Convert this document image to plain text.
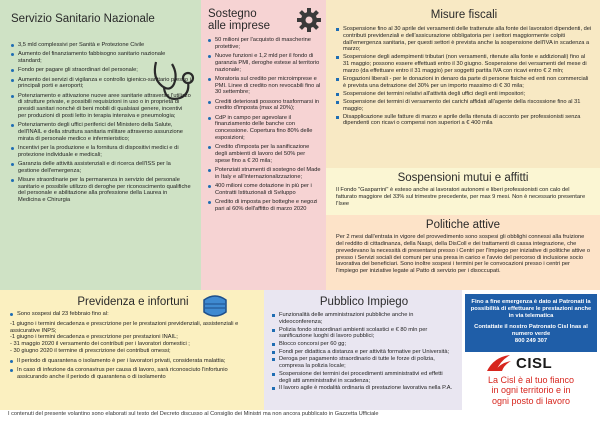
Servizio Sanitario Nazionale
3,5 mld complessivi per Sanità e Protezione Civile
Aumento del finanziamento fabbisogno sanitario nazionale standard;
Fondo per pagare gli straordinari del personale;
Aumento dei servizi di vigilanza e controllo igienico-sanitario presso i principali porti e aeroporti;
Potenziamento e attivazione nuove aree sanitarie attraverso l'utilizzo di strutture private, e possibili requisizioni in uso o in proprietà di presidi sanitari nonché di beni mobili di qualsiasi genere, incentivi per produzioni di posti letto in terapia intensiva e pneumologia;
Potenziamento degli uffici periferici del Ministero della Salute, dell'INAIL e della struttura sanitaria militare attraverso assunzione mirata di personale medico e infermieristico;
Incentivi per la produzione e la fornitura di dispositivi medici e di protezione individuale e medicali;
Garanzia delle attività assistenziali e di ricerca dell'ISS per la gestione dell'emergenza;
Misure straordinarie per la permanenza in servizio del personale sanitario e possibile utilizzo di deroghe per riconoscimento qualifiche del personale e abilitazione alla professione della Laurea in Medicina e Chirurgia
Sostegno
alle imprese
50 milioni per l'acquisto di mascherine protettive;
Nuove funzioni e 1,2 mld per il fondo di garanzia PMI, deroghe estese al territorio nazionale;
Moratoria sul credito per microimprese e PMI. Linee di credito non revocabili fino al 30 settembre;
Crediti deteriorati possono trasformarsi in credito d'imposta (max al 20%);
CdP in campo per agevolare il finanziamento delle banche con concessione. Copertura fino 80% delle esposizioni;
Credito d'imposta per la sanificazione degli ambienti di lavoro del 50% per spese fino a € 20 mila;
Potenziati strumenti di sostegno del Made in Italy e all'internazionalizzazione;
400 milioni come dotazione in più per i Contratti Istituzionali di Sviluppo
Credito di imposta per botteghe e negozi pari al 60% dell'affitto di marzo 2020
Misure fiscali
Sospensione fino al 30 aprile dei versamenti delle trattenute alla fonte dei lavoratori dipendenti, dei contributi previdenziali e dell'assicurazione obbligatoria per i settori maggiormente colpiti dall'emergenza sanitaria, per questi settori è prevista anche la sospensione dell'IVA in scadenza a marzo;
Sospensione degli adempimenti tributari (non versamenti, ritenute alla fonte e addizionali) fino al 31 maggio; possono essere effettuati entro il 30 giugno. Sospensione dei versamenti del mese di marzo (da effettuare entro il 31 maggio) per soggetti partita IVA con ricavi entro € 2 mln;
Erogazioni liberali - per le donazioni in denaro da parte di persone fisiche ed enti non commerciali è prevista una detrazione del 30% per un importo massimo di € 30 mila;
Sospensione dei termini relativi all'attività degli uffici degli enti impositori;
Sospensione dei termini di versamento dei carichi affidati all'agente della riscossione fino al 31 maggio;
Disapplicazione sulle fatture di marzo e aprile della ritenuta di acconto per professionisti senza dipendenti con ricavi o compensi non superiori a € 400 mila
Sospensioni mutui e affitti
Il Fondo "Gasparrini" è esteso anche ai lavoratori autonomi e liberi professionisti con calo del fatturato maggiore del 33% sul trimestre precedente, per max 9 mesi. Non è necessario presentare l'Isee
Politiche attive
Per 2 mesi dall'entrata in vigore del provvedimento sono sospesi gli obblighi connessi alla fruizione del reddito di cittadinanza, della Naspi, della DisColl e dei trattamenti di cassa integrazione, che prevedevano la necessità di presentarsi presso i Centri per l'Impiego per iniziative di politiche attive o presso i Servizi sociali dei comuni per una presa in carico e l'avvio del percorso di inclusione socio lavorativa dei beneficiari. Sono inoltre sospesi i termini per le convocazioni presso i centri per l'impiego per iniziative legate al Patto di servizio per i disoccupati.
Previdenza e infortuni
Sono sospesi dal 23 febbraio fino al:
-1 giugno i termini decadenza e prescrizione per le prestazioni previdenziali, assistenziali e assicurative INPS;
-1 giugno i termini decadenza e prescrizione per prestazioni INAIL;
- 31 maggio 2020 il versamento dei contributi per i lavoratori domestici ;
- 30 giugno 2020 il termine di prescrizione dei contributi omessi;
Il periodo di quarantena o isolamento è per i lavoratori privati, considerata malattia;
In caso di infezione da coronavirus per causa di lavoro, sarà riconosciuto l'infortunio assicurando anche il periodo di quarantena o di isolamento
Pubblico Impiego
Funzionalità delle amministrazioni pubbliche anche in videoconferenza;
Polizia fondo straordinari ambienti scolastici e € 80 mln per sanificazione luoghi di lavoro pubblici;
Blocco concorsi per 60 gg;
Fondi per didattica a distanza e per attività formative per Università;
Deroga per pagamento straordinario di tutte le forze di polizia, compresa la polizia locale;
Sospensione dei termini dei procedimenti amministrativi ed effetti degli atti amministrativi in scadenza;
Il lavoro agile è modalità ordinaria di prestazione lavorativa nella P.A.
Fino a fine emergenza è dato ai Patronati la possibilità di effettuare le prestazioni anche in via telematica
Contattate il nostro Patronato Cisl Inas al numero verde
800 249 307
CISL
La Cisl è al tuo fianco
in ogni territorio e in
ogni posto di lavoro
I contenuti del presente volantino sono elaborati sul testo del Decreto discusso al Consiglio dei Ministri ma non ancora pubblicato in Gazzetta Ufficiale
